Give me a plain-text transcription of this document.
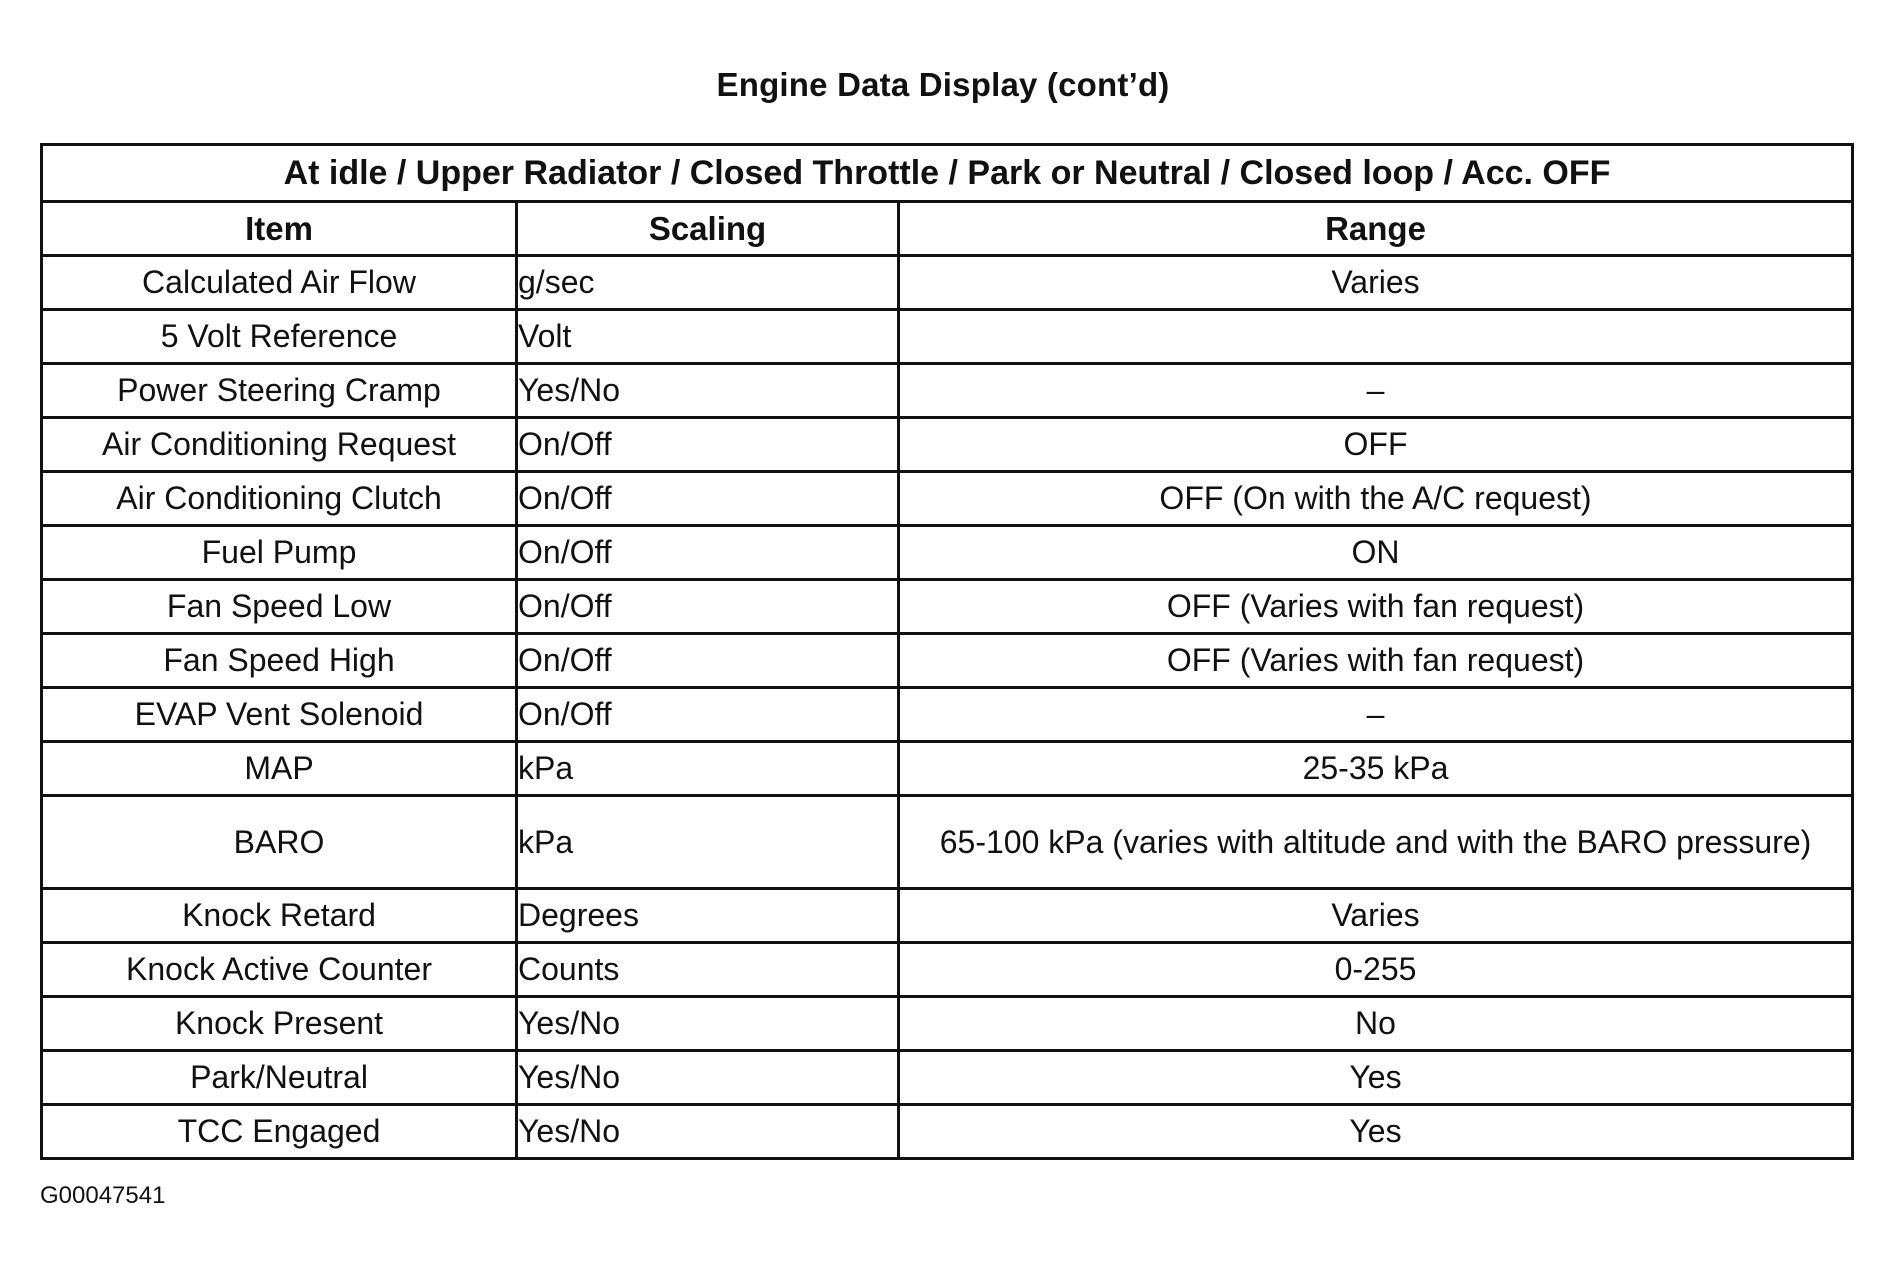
Engine Data Display (cont’d)
At idle / Upper Radiator / Closed Throttle / Park or Neutral / Closed loop / Acc. OFF		
Item	Scaling	Range
Calculated Air Flow	g/sec	Varies
5 Volt Reference	Volt	
Power Steering Cramp	Yes/No	–
Air Conditioning Request	On/Off	OFF
Air Conditioning Clutch	On/Off	OFF (On with the A/C request)
Fuel Pump	On/Off	ON
Fan Speed Low	On/Off	OFF (Varies with fan request)
Fan Speed High	On/Off	OFF (Varies with fan request)
EVAP Vent Solenoid	On/Off	–
MAP	kPa	25-35 kPa
BARO	kPa	65-100 kPa (varies with altitude and with the BARO pressure)
Knock Retard	Degrees	Varies
Knock Active Counter	Counts	0-255
Knock Present	Yes/No	No
Park/Neutral	Yes/No	Yes
TCC Engaged	Yes/No	Yes
G00047541
